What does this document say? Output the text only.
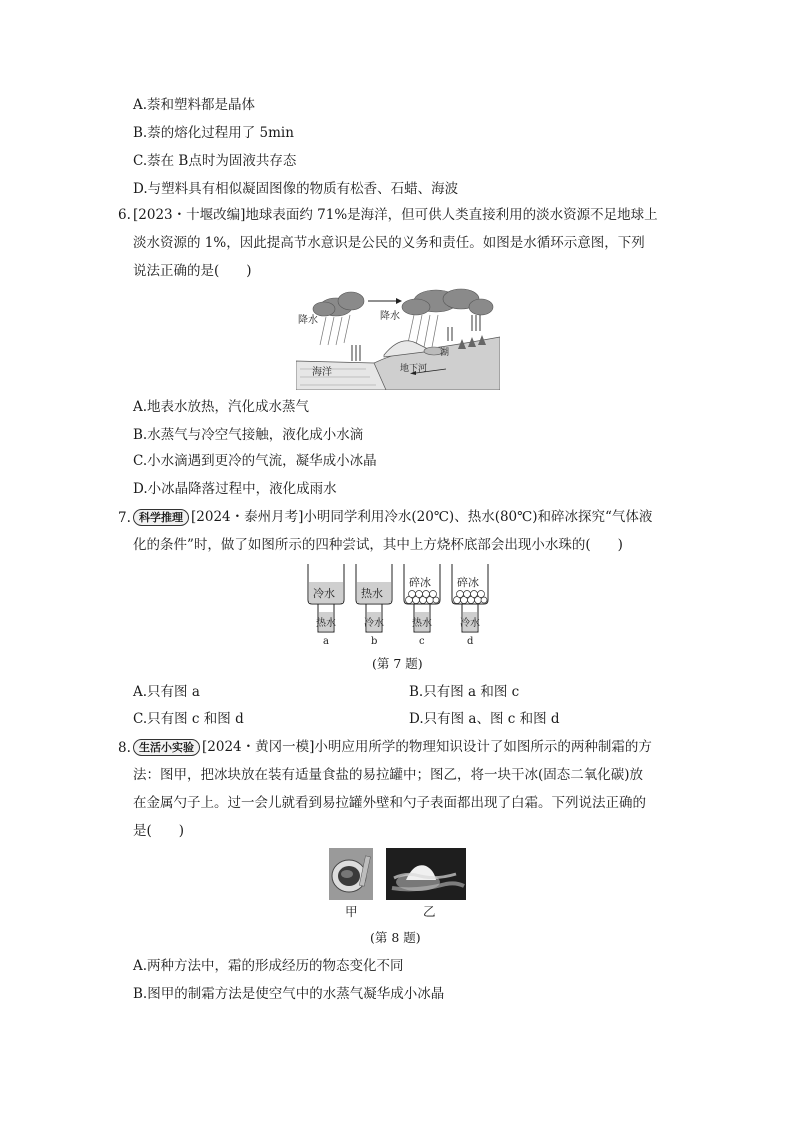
A.萘和塑料都是晶体
B.萘的熔化过程用了 5min
C.萘在 B点时为固液共存态
D.与塑料具有相似凝固图像的物质有松香、石蜡、海波
6. [2023・十堰改编]地球表面约 71%是海洋，但可供人类直接利用的淡水资源不足地球上
淡水资源的 1%，因此提高节水意识是公民的义务和责任。如图是水循环示意图，下列
说法正确的是(　　)
降水	降水
海洋
湖
地下河
A.地表水放热，汽化成水蒸气
B.水蒸气与冷空气接触，液化成小水滴
C.小水滴遇到更冷的气流，凝华成小冰晶
D.小冰晶降落过程中，液化成雨水
7. 科学推理 [2024・泰州月考]小明同学利用冷水(20℃)、热水(80℃)和碎冰探究“气体液
化的条件”时，做了如图所示的四种尝试，其中上方烧杯底部会出现小水珠的(　　)
冷水
热水
a
热水
冷水
b
碎冰
热水
c
碎冰
冷水
d
(第 7 题)
A.只有图 a	B.只有图 a 和图 c
C.只有图 c 和图 d	D.只有图 a、图 c 和图 d
8. 生活小实验 [2024・黄冈一模]小明应用所学的物理知识设计了如图所示的两种制霜的方
法：图甲，把冰块放在装有适量食盐的易拉罐中；图乙，将一块干冰(固态二氧化碳)放
在金属勺子上。过一会儿就看到易拉罐外壁和勺子表面都出现了白霜。下列说法正确的
是(　　)
甲	乙
(第 8 题)
A.两种方法中，霜的形成经历的物态变化不同
B.图甲的制霜方法是使空气中的水蒸气凝华成小冰晶
